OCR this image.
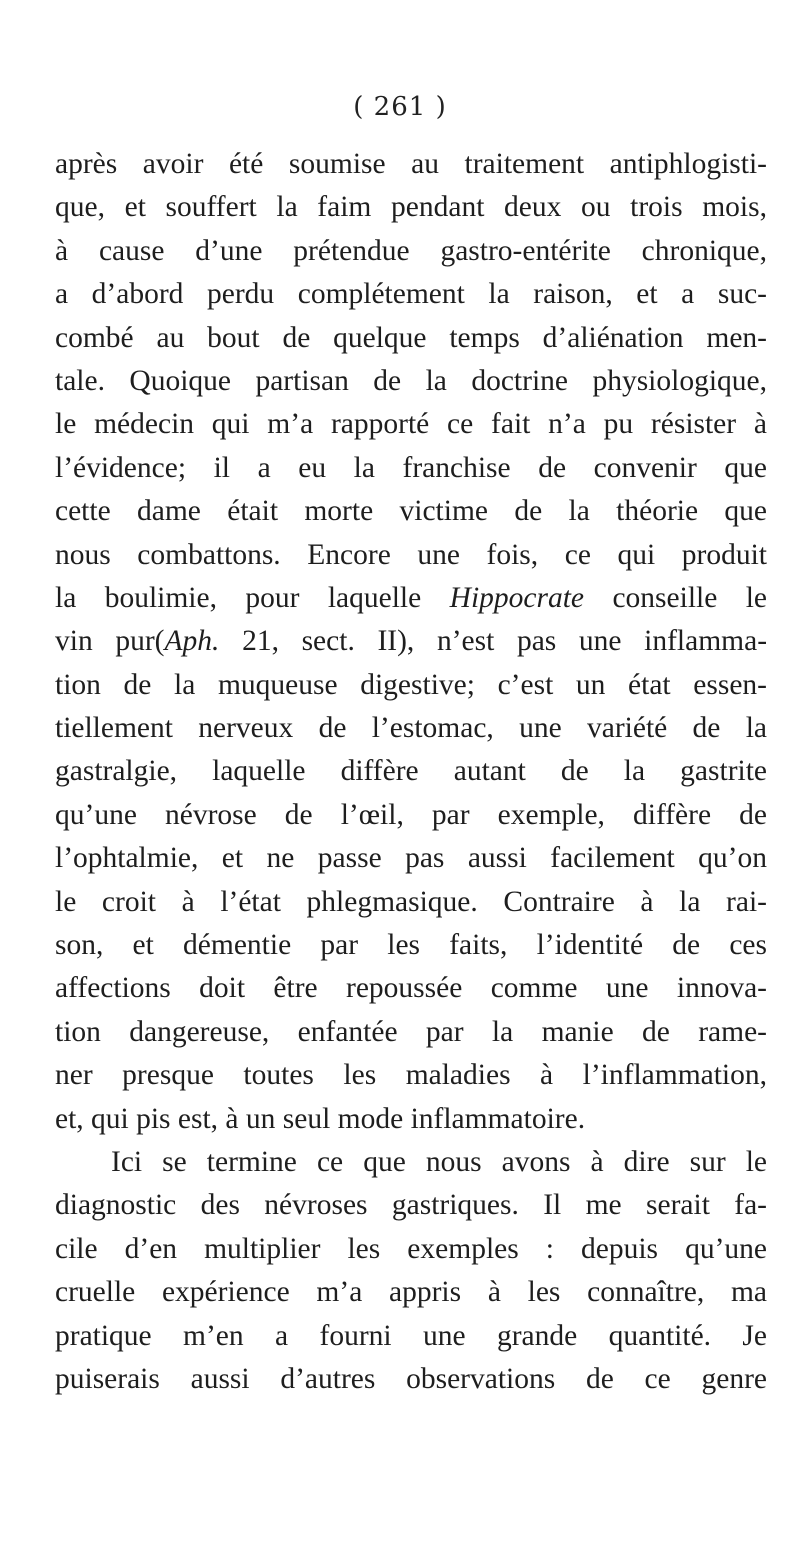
( 261 )
après avoir été soumise au traitement antiphlogisti-
que, et souffert la faim pendant deux ou trois mois,
à cause d’une prétendue gastro-entérite chronique,
a d’abord perdu complétement la raison, et a suc-
combé au bout de quelque temps d’aliénation men-
tale. Quoique partisan de la doctrine physiologique,
le médecin qui m’a rapporté ce fait n’a pu résister à
l’évidence; il a eu la franchise de convenir que
cette dame était morte victime de la théorie que
nous combattons. Encore une fois, ce qui produit
la boulimie, pour laquelle Hippocrate conseille le
vin pur(Aph. 21, sect. II), n’est pas une inflamma-
tion de la muqueuse digestive; c’est un état essen-
tiellement nerveux de l’estomac, une variété de la
gastralgie, laquelle diffère autant de la gastrite
qu’une névrose de l’œil, par exemple, diffère de
l’ophtalmie, et ne passe pas aussi facilement qu’on
le croit à l’état phlegmasique. Contraire à la rai-
son, et démentie par les faits, l’identité de ces
affections doit être repoussée comme une innova-
tion dangereuse, enfantée par la manie de rame-
ner presque toutes les maladies à l’inflammation,
et, qui pis est, à un seul mode inflammatoire.
Ici se termine ce que nous avons à dire sur le
diagnostic des névroses gastriques. Il me serait fa-
cile d’en multiplier les exemples : depuis qu’une
cruelle expérience m’a appris à les connaître, ma
pratique m’en a fourni une grande quantité. Je
puiserais aussi d’autres observations de ce genre
